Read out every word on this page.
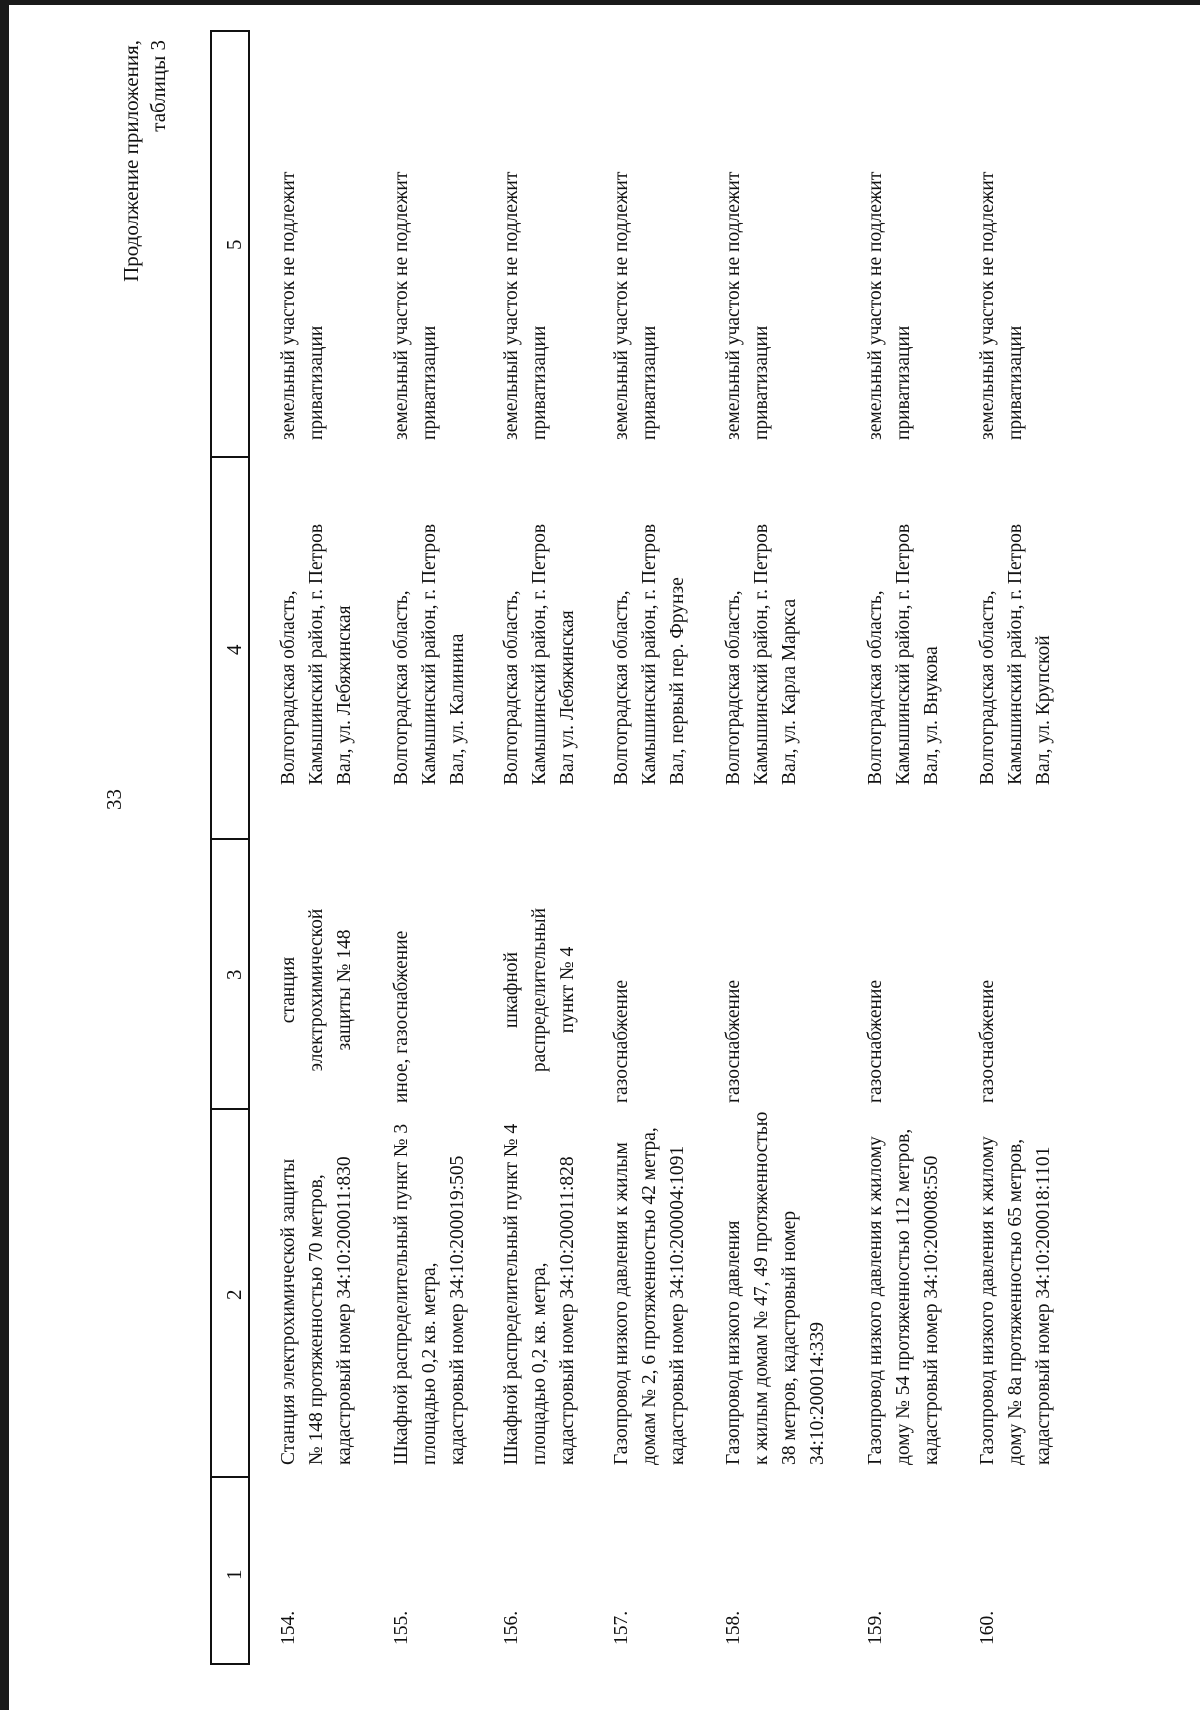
33
Продолжение приложения, таблицы 3
1
2
3
4
5
154.
Станция электрохимической защиты № 148 протяженностью 70 метров, кадастровый номер 34:10:200011:830
станция электрохимической защиты № 148
Волгоградская область, Камышинский район, г. Петров Вал, ул. Лебяжинская
земельный участок не подлежит приватизации
155.
Шкафной распределительный пункт № 3 площадью 0,2 кв. метра, кадастровый номер 34:10:200019:505
иное, газоснабжение
Волгоградская область, Камышинский район, г. Петров Вал, ул. Калинина
земельный участок не подлежит приватизации
156.
Шкафной распределительный пункт № 4 площадью 0,2 кв. метра, кадастровый номер 34:10:200011:828
шкафной распределительный пункт № 4
Волгоградская область, Камышинский район, г. Петров Вал ул. Лебяжинская
земельный участок не подлежит приватизации
157.
Газопровод низкого давления к жилым домам № 2, 6 протяженностью 42 метра, кадастровый номер 34:10:200004:1091
газоснабжение
Волгоградская область, Камышинский район, г. Петров Вал, первый пер. Фрунзе
земельный участок не подлежит приватизации
158.
Газопровод низкого давления к жилым домам № 47, 49 протяженностью 38 метров, кадастровый номер 34:10:200014:339
газоснабжение
Волгоградская область, Камышинский район, г. Петров Вал, ул. Карла Маркса
земельный участок не подлежит приватизации
159.
Газопровод низкого давления к жилому дому № 54 протяженностью 112 метров, кадастровый номер 34:10:200008:550
газоснабжение
Волгоградская область, Камышинский район, г. Петров Вал, ул. Внукова
земельный участок не подлежит приватизации
160.
Газопровод низкого давления к жилому дому № 8а протяженностью 65 метров, кадастровый номер 34:10:200018:1101
газоснабжение
Волгоградская область, Камышинский район, г. Петров Вал, ул. Крупской
земельный участок не подлежит приватизации
